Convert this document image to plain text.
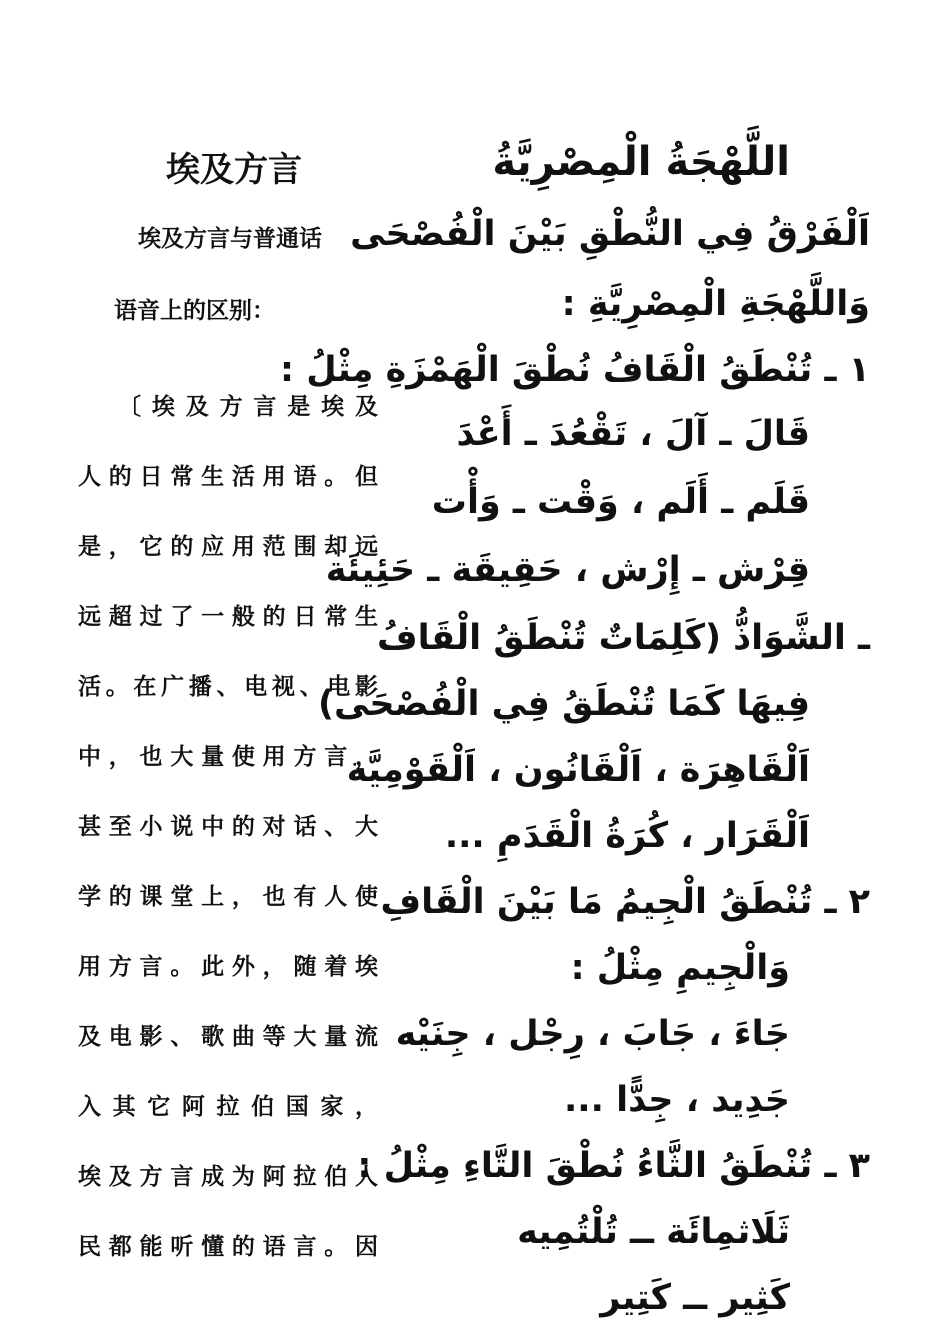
埃及方言
埃及方言与普通话
语音上的区别：
〔埃及方言是埃及
人的日常生活用语。但
是，它的应用范围却远
远超过了一般的日常生
活。在广播、电视、电影
中，也大量使用方言，
甚至小说中的对话、大
学的课堂上，也有人使
用方言。此外，随着埃
及电影、歌曲等大量流
入其它阿拉伯国家，
埃及方言成为阿拉伯人
民都能听懂的语言。因
اللَّهْجَةُ الْمِصْرِيَّةُ
اَلْفَرْقُ فِي النُّطْقِ بَيْنَ الْفُصْحَى
وَاللَّهْجَةِ الْمِصْرِيَّةِ :
١ ـ تُنْطَقُ الْقَافُ نُطْقَ الْهَمْزَةِ مِثْلُ :
قَالَ ـ آلَ ، تَقْعُدَ ـ أَعْدَ
قَلَم ـ أَلَم ، وَقْت ـ وَأْت
قِرْش ـ إِرْش ، حَقِيقَة ـ حَئِيئَة
ـ الشَّوَاذُّ (كَلِمَاتٌ تُنْطَقُ الْقَافُ
فِيهَا كَمَا تُنْطَقُ فِي الْفُصْحَى)
اَلْقَاهِرَة ، اَلْقَانُون ، اَلْقَوْمِيَّة
اَلْقَرَار ، كُرَةُ الْقَدَمِ ...
٢ ـ تُنْطَقُ الْجِيمُ مَا بَيْنَ الْقَافِ
وَالْجِيمِ مِثْلُ :
جَاءَ ، جَابَ ، رِجْل ، جِنَيْه
جَدِيد ، جِدًّا ...
٣ ـ تُنْطَقُ الثَّاءُ نُطْقَ التَّاءِ مِثْلُ :
ثَلَاثمِائَة ــ تُلْتُمِيه
كَثِير ــ كَتِير
